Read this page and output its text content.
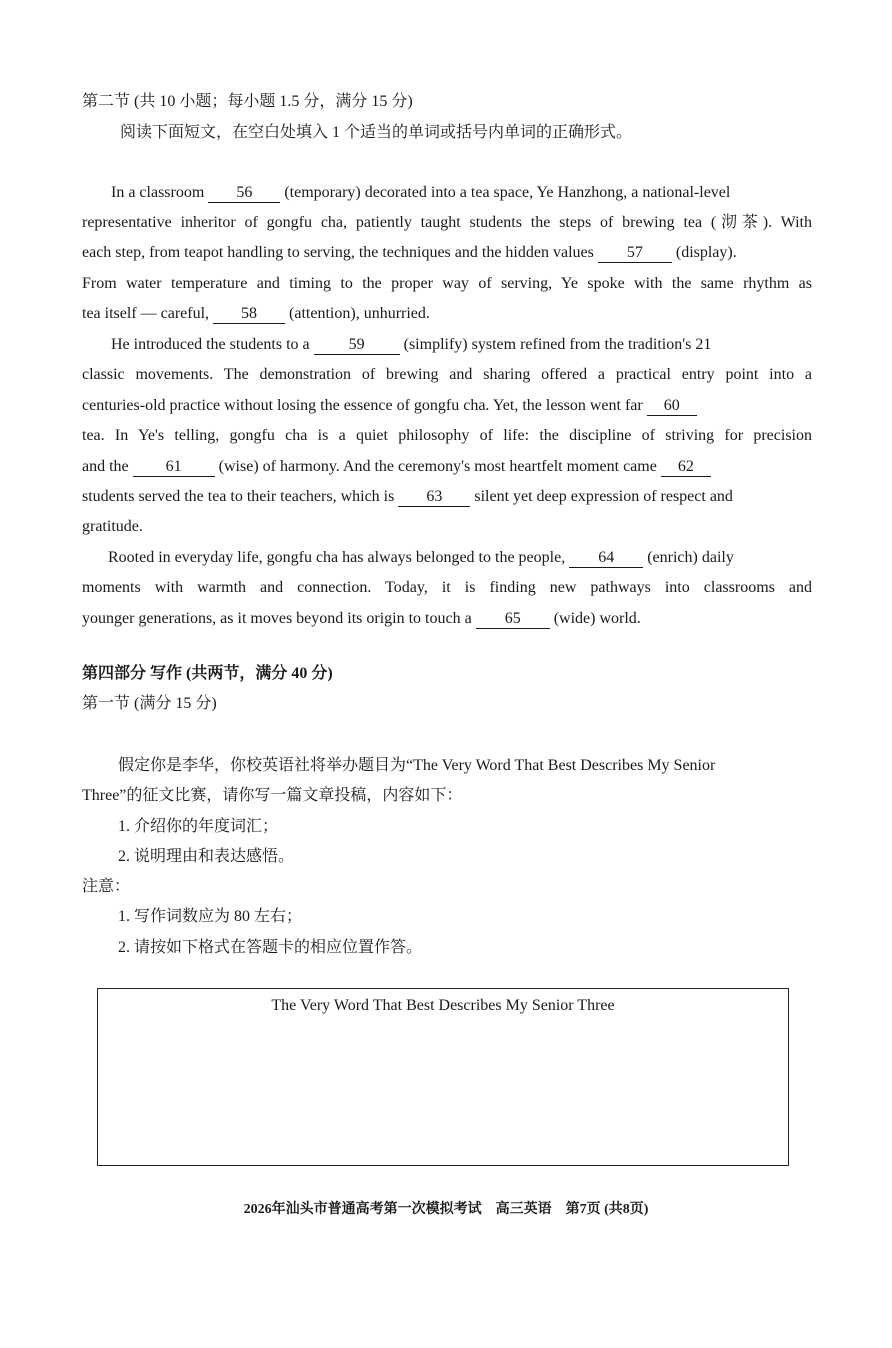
第二节 (共 10 小题；每小题 1.5 分，满分 15 分)
阅读下面短文，在空白处填入 1 个适当的单词或括号内单词的正确形式。
In a classroom 56 (temporary) decorated into a tea space, Ye Hanzhong, a national-level
representative inheritor of gongfu cha, patiently taught students the steps of brewing tea (沏茶). With
each step, from teapot handling to serving, the techniques and the hidden values 57 (display).
From water temperature and timing to the proper way of serving, Ye spoke with the same rhythm as
tea itself — careful, 58 (attention), unhurried.
He introduced the students to a 59 (simplify) system refined from the tradition's 21
classic movements. The demonstration of brewing and sharing offered a practical entry point into a
centuries-old practice without losing the essence of gongfu cha. Yet, the lesson went far 60
tea. In Ye's telling, gongfu cha is a quiet philosophy of life: the discipline of striving for precision
and the 61 (wise) of harmony. And the ceremony's most heartfelt moment came 62
students served the tea to their teachers, which is 63 silent yet deep expression of respect and
gratitude.
Rooted in everyday life, gongfu cha has always belonged to the people, 64 (enrich) daily
moments with warmth and connection. Today, it is finding new pathways into classrooms and
younger generations, as it moves beyond its origin to touch a 65 (wide) world.
第四部分 写作 (共两节，满分 40 分)
第一节 (满分 15 分)
假定你是李华，你校英语社将举办题目为“The Very Word That Best Describes My Senior
Three”的征文比赛，请你写一篇文章投稿，内容如下：
1. 介绍你的年度词汇；
2. 说明理由和表达感悟。
注意：
1. 写作词数应为 80 左右；
2. 请按如下格式在答题卡的相应位置作答。
The Very Word That Best Describes My Senior Three
2026年汕头市普通高考第一次模拟考试　高三英语　第7页 (共8页)
